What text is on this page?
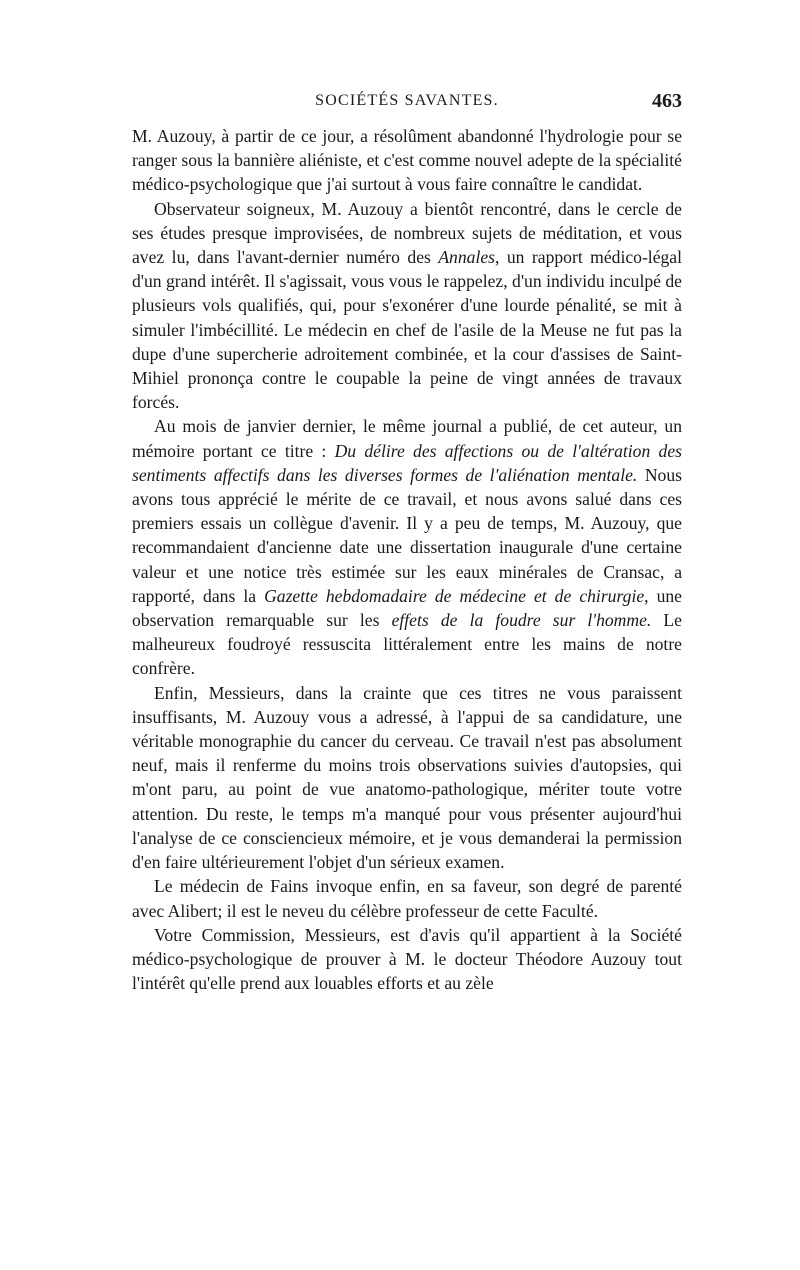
SOCIÉTÉS SAVANTES.	463

M. Auzouy, à partir de ce jour, a résolûment abandonné l'hydrologie pour se ranger sous la bannière aliéniste, et c'est comme nouvel adepte de la spécialité médico-psychologique que j'ai surtout à vous faire connaître le candidat.

Observateur soigneux, M. Auzouy a bientôt rencontré, dans le cercle de ses études presque improvisées, de nombreux sujets de méditation, et vous avez lu, dans l'avant-dernier numéro des Annales, un rapport médico-légal d'un grand intérêt. Il s'agissait, vous vous le rappelez, d'un individu inculpé de plusieurs vols qualifiés, qui, pour s'exonérer d'une lourde pénalité, se mit à simuler l'imbécillité. Le médecin en chef de l'asile de la Meuse ne fut pas la dupe d'une supercherie adroitement combinée, et la cour d'assises de Saint-Mihiel prononça contre le coupable la peine de vingt années de travaux forcés.

Au mois de janvier dernier, le même journal a publié, de cet auteur, un mémoire portant ce titre : Du délire des affections ou de l'altération des sentiments affectifs dans les diverses formes de l'aliénation mentale. Nous avons tous apprécié le mérite de ce travail, et nous avons salué dans ces premiers essais un collègue d'avenir. Il y a peu de temps, M. Auzouy, que recommandaient d'ancienne date une dissertation inaugurale d'une certaine valeur et une notice très estimée sur les eaux minérales de Cransac, a rapporté, dans la Gazette hebdomadaire de médecine et de chirurgie, une observation remarquable sur les effets de la foudre sur l'homme. Le malheureux foudroyé ressuscita littéralement entre les mains de notre confrère.

Enfin, Messieurs, dans la crainte que ces titres ne vous paraissent insuffisants, M. Auzouy vous a adressé, à l'appui de sa candidature, une véritable monographie du cancer du cerveau. Ce travail n'est pas absolument neuf, mais il renferme du moins trois observations suivies d'autopsies, qui m'ont paru, au point de vue anatomo-pathologique, mériter toute votre attention. Du reste, le temps m'a manqué pour vous présenter aujourd'hui l'analyse de ce consciencieux mémoire, et je vous demanderai la permission d'en faire ultérieurement l'objet d'un sérieux examen.

Le médecin de Fains invoque enfin, en sa faveur, son degré de parenté avec Alibert; il est le neveu du célèbre professeur de cette Faculté.

Votre Commission, Messieurs, est d'avis qu'il appartient à la Société médico-psychologique de prouver à M. le docteur Théodore Auzouy tout l'intérêt qu'elle prend aux louables efforts et au zèle
